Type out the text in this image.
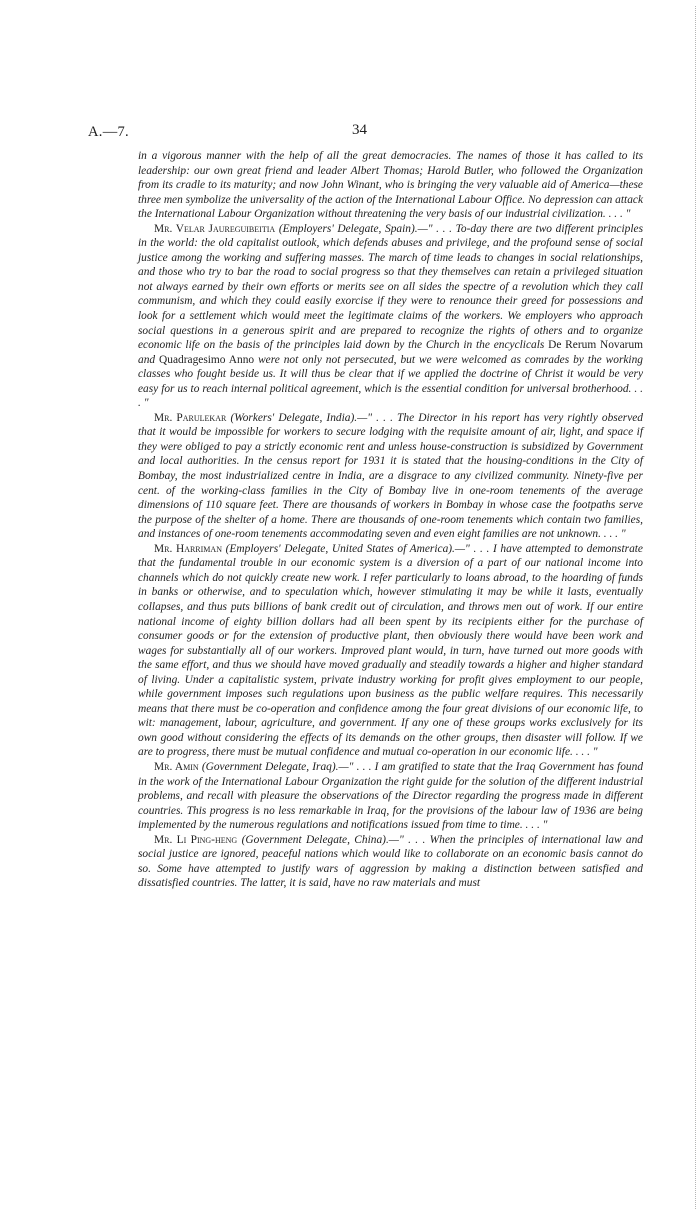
A.—7.	34

in a vigorous manner with the help of all the great democracies. The names of those it has called to its leadership: our own great friend and leader Albert Thomas; Harold Butler, who followed the Organization from its cradle to its maturity; and now John Winant, who is bringing the very valuable aid of America—these three men symbolize the universality of the action of the International Labour Office. No depression can attack the International Labour Organization without threatening the very basis of our industrial civilization. . . . "

Mr. Velar Jaureguibeitia (Employers' Delegate, Spain).—" . . . To-day there are two different principles in the world: the old capitalist outlook, which defends abuses and privilege, and the profound sense of social justice among the working and suffering masses. The march of time leads to changes in social relationships, and those who try to bar the road to social progress so that they themselves can retain a privileged situation not always earned by their own efforts or merits see on all sides the spectre of a revolution which they call communism, and which they could easily exorcise if they were to renounce their greed for possessions and look for a settlement which would meet the legitimate claims of the workers. We employers who approach social questions in a generous spirit and are prepared to recognize the rights of others and to organize economic life on the basis of the principles laid down by the Church in the encyclicals De Rerum Novarum and Quadragesimo Anno were not only not persecuted, but we were welcomed as comrades by the working classes who fought beside us. It will thus be clear that if we applied the doctrine of Christ it would be very easy for us to reach internal political agreement, which is the essential condition for universal brotherhood. . . . "

Mr. Parulekar (Workers' Delegate, India).—" . . . The Director in his report has very rightly observed that it would be impossible for workers to secure lodging with the requisite amount of air, light, and space if they were obliged to pay a strictly economic rent and unless house-construction is subsidized by Government and local authorities. In the census report for 1931 it is stated that the housing-conditions in the City of Bombay, the most industrialized centre in India, are a disgrace to any civilized community. Ninety-five per cent. of the working-class families in the City of Bombay live in one-room tenements of the average dimensions of 110 square feet. There are thousands of workers in Bombay in whose case the footpaths serve the purpose of the shelter of a home. There are thousands of one-room tenements which contain two families, and instances of one-room tenements accommodating seven and even eight families are not unknown. . . . "

Mr. Harriman (Employers' Delegate, United States of America).—" . . . I have attempted to demonstrate that the fundamental trouble in our economic system is a diversion of a part of our national income into channels which do not quickly create new work. I refer particularly to loans abroad, to the hoarding of funds in banks or otherwise, and to speculation which, however stimulating it may be while it lasts, eventually collapses, and thus puts billions of bank credit out of circulation, and throws men out of work. If our entire national income of eighty billion dollars had all been spent by its recipients either for the purchase of consumer goods or for the extension of productive plant, then obviously there would have been work and wages for substantially all of our workers. Improved plant would, in turn, have turned out more goods with the same effort, and thus we should have moved gradually and steadily towards a higher and higher standard of living. Under a capitalistic system, private industry working for profit gives employment to our people, while government imposes such regulations upon business as the public welfare requires. This necessarily means that there must be co-operation and confidence among the four great divisions of our economic life, to wit: management, labour, agriculture, and government. If any one of these groups works exclusively for its own good without considering the effects of its demands on the other groups, then disaster will follow. If we are to progress, there must be mutual confidence and mutual co-operation in our economic life. . . . "

Mr. Amin (Government Delegate, Iraq).—" . . . I am gratified to state that the Iraq Government has found in the work of the International Labour Organization the right guide for the solution of the different industrial problems, and recall with pleasure the observations of the Director regarding the progress made in different countries. This progress is no less remarkable in Iraq, for the provisions of the labour law of 1936 are being implemented by the numerous regulations and notifications issued from time to time. . . . "

Mr. Li Ping-heng (Government Delegate, China).—" . . . When the principles of international law and social justice are ignored, peaceful nations which would like to collaborate on an economic basis cannot do so. Some have attempted to justify wars of aggression by making a distinction between satisfied and dissatisfied countries. The latter, it is said, have no raw materials and must
